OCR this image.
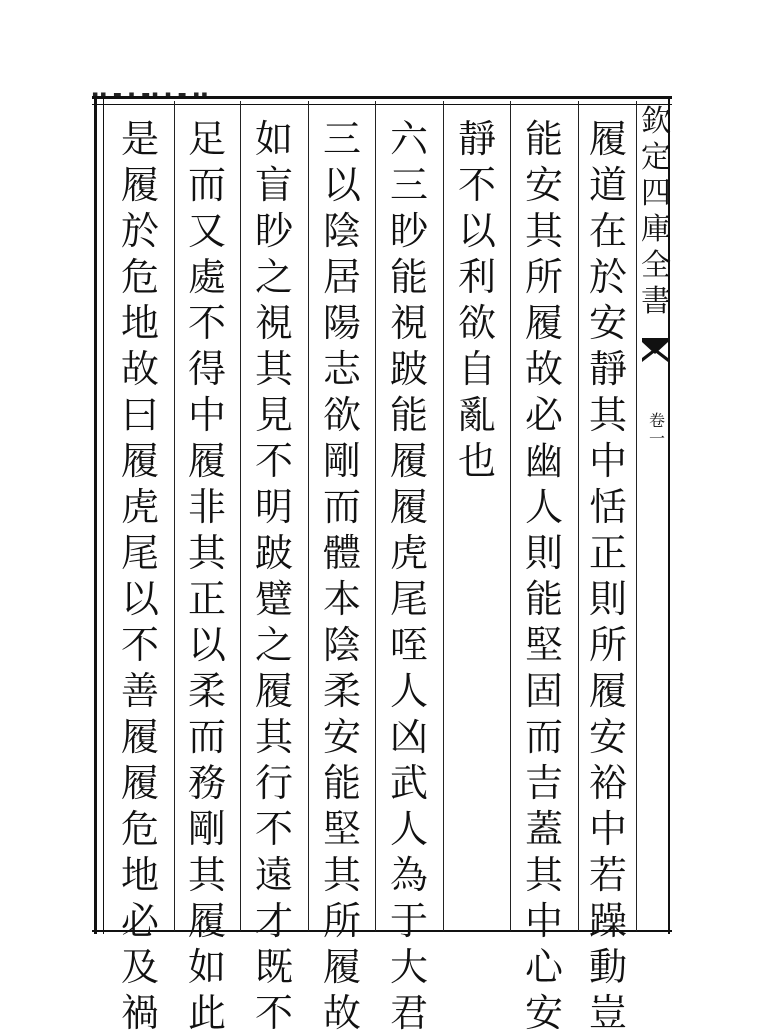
▪▪ ▬ ▪ ▬▪ ▪ ▬ ▪▪
欽
定
四
庫
全
書
卷
一
履
道
在
於
安
靜
其
中
恬
正
則
所
履
安
裕
中
若
躁
動
豈
能
安
其
所
履
故
必
幽
人
則
能
堅
固
而
吉
蓋
其
中
心
安
靜
不
以
利
欲
自
亂
也
六
三
眇
能
視
跛
能
履
履
虎
尾
咥
人
凶
武
人
為
于
大
君
三
以
陰
居
陽
志
欲
剛
而
體
本
陰
柔
安
能
堅
其
所
履
故
如
盲
眇
之
視
其
見
不
明
跛
躄
之
履
其
行
不
遠
才
既
不
足
而
又
處
不
得
中
履
非
其
正
以
柔
而
務
剛
其
履
如
此
是
履
於
危
地
故
曰
履
虎
尾
以
不
善
履
履
危
地
必
及
禍
